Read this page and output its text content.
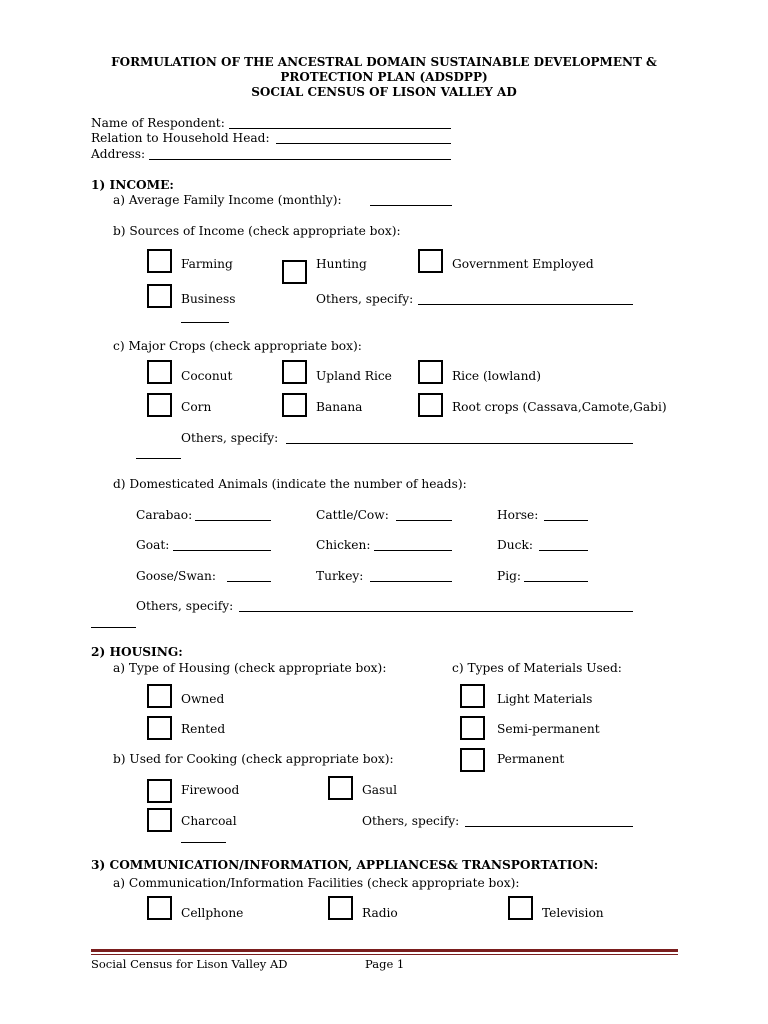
FORMULATION OF THE ANCESTRAL DOMAIN SUSTAINABLE DEVELOPMENT &
PROTECTION PLAN (ADSDPP)
SOCIAL CENSUS OF LISON VALLEY AD
Name of Respondent:
Relation to Household Head:
Address:
1) INCOME:
a) Average Family Income (monthly):
b) Sources of Income (check appropriate box):
Farming	Hunting	Government Employed
Business	Others, specify:
c) Major Crops (check appropriate box):
Coconut	Upland Rice	Rice (lowland)
Corn	Banana	Root crops (Cassava,Camote,Gabi)
Others, specify:
d) Domesticated Animals (indicate the number of heads):
Carabao:	Cattle/Cow:	Horse:
Goat:	Chicken:	Duck:
Goose/Swan:	Turkey:	Pig:
Others, specify:
2) HOUSING:
a) Type of Housing (check appropriate box):	c) Types of Materials Used:
Owned	Light Materials
Rented	Semi-permanent
b) Used for Cooking (check appropriate box):	Permanent
Firewood	Gasul
Charcoal	Others, specify:
3) COMMUNICATION/INFORMATION, APPLIANCES& TRANSPORTATION:
a) Communication/Information Facilities (check appropriate box):
Cellphone	Radio	Television
Social Census for Lison Valley AD	Page 1
